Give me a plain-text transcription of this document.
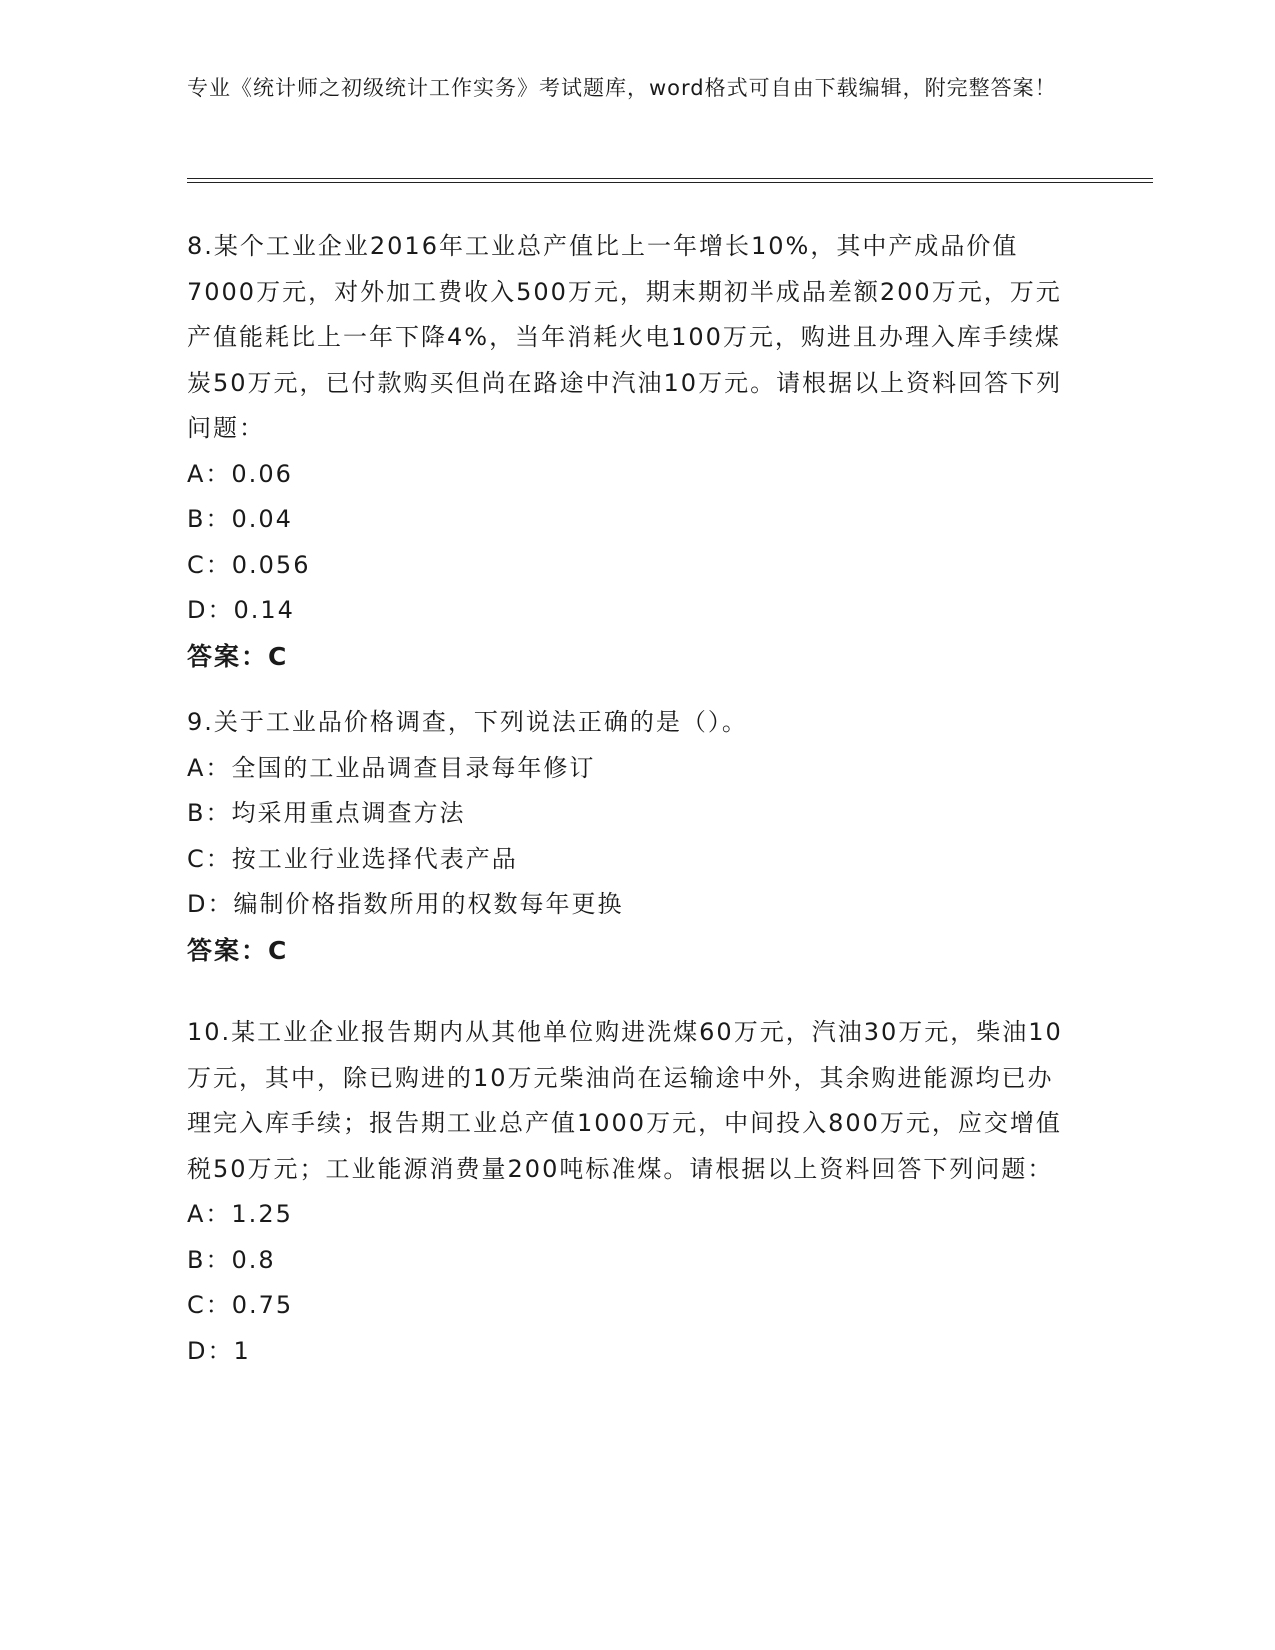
专业《统计师之初级统计工作实务》考试题库，word格式可自由下载编辑，附完整答案！

8.某个工业企业2016年工业总产值比上一年增长10%，其中产成品价值7000万元，对外加工费收入500万元，期末期初半成品差额200万元，万元产值能耗比上一年下降4%，当年消耗火电100万元，购进且办理入库手续煤炭50万元，已付款购买但尚在路途中汽油10万元。请根据以上资料回答下列问题：

A：0.06

B：0.04

C：0.056

D：0.14

答案：C

9.关于工业品价格调查，下列说法正确的是（）。

A：全国的工业品调查目录每年修订

B：均采用重点调查方法

C：按工业行业选择代表产品

D：编制价格指数所用的权数每年更换

答案：C

10.某工业企业报告期内从其他单位购进洗煤60万元，汽油30万元，柴油10万元，其中，除已购进的10万元柴油尚在运输途中外，其余购进能源均已办理完入库手续；报告期工业总产值1000万元，中间投入800万元，应交增值税50万元；工业能源消费量200吨标准煤。请根据以上资料回答下列问题：

A：1.25

B：0.8

C：0.75

D：1
